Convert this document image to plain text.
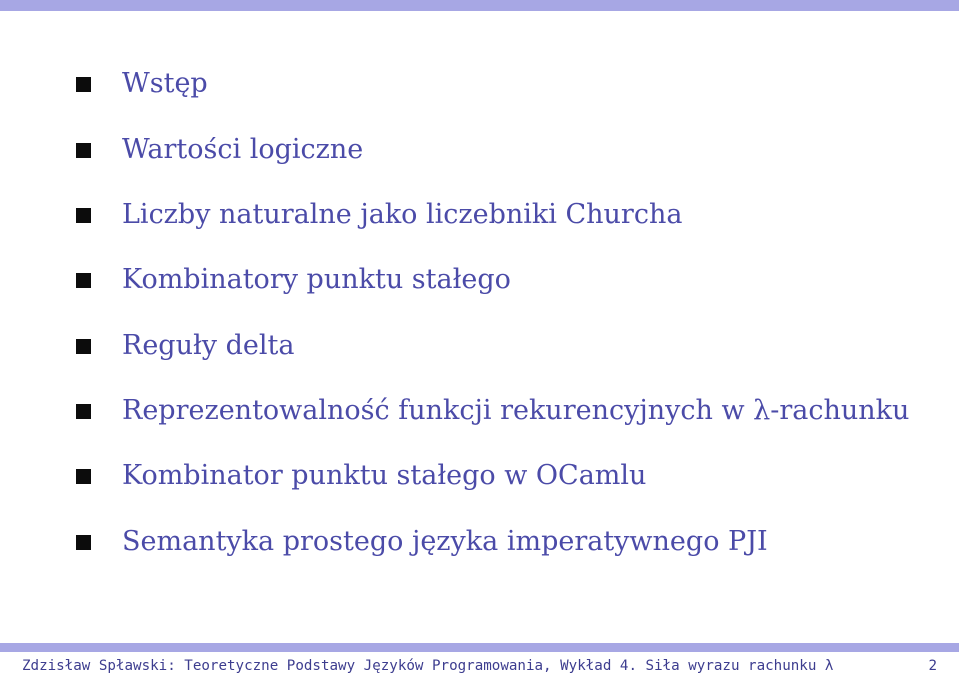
Wstęp
Wartości logiczne
Liczby naturalne jako liczebniki Churcha
Kombinatory punktu stałego
Reguły delta
Reprezentowalność funkcji rekurencyjnych w λ-rachunku
Kombinator punktu stałego w OCamlu
Semantyka prostego języka imperatywnego PJI
Zdzisław Spławski: Teoretyczne Podstawy Języków Programowania, Wykład 4. Siła wyrazu rachunku λ	2
